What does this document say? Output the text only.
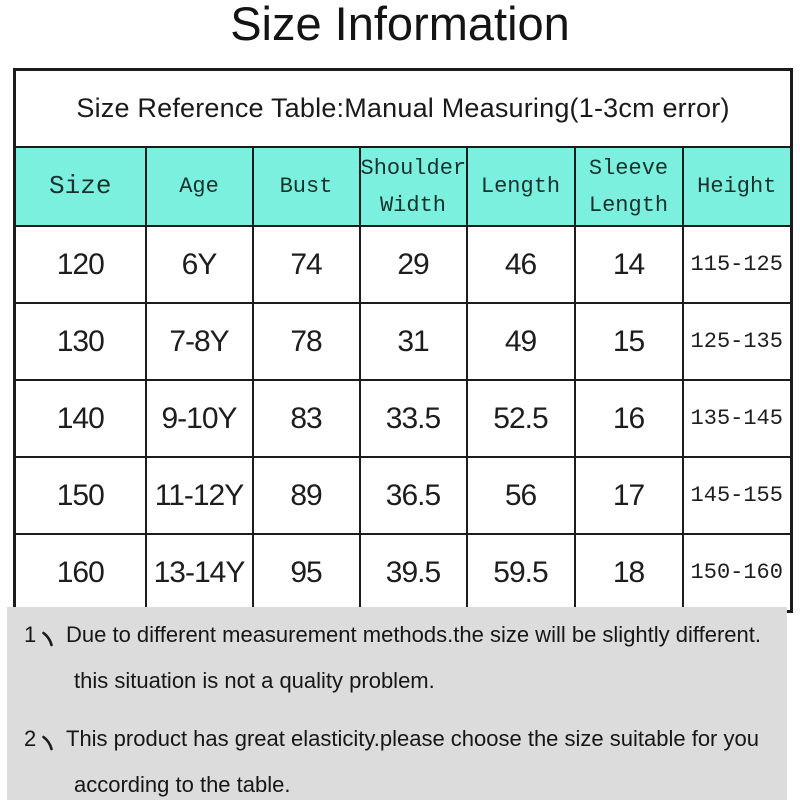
Size Information
Size Reference Table:Manual Measuring(1-3cm error)						
Size	Age	Bust	Shoulder Width	Length	Sleeve Length	Height
120	6Y	74	29	46	14	115-125
130	7-8Y	78	31	49	15	125-135
140	9-10Y	83	33.5	52.5	16	135-145
150	11-12Y	89	36.5	56	17	145-155
160	13-14Y	95	39.5	59.5	18	150-160
1 Due to different measurement methods.the size will be slightly different.
this situation is not a quality problem.
2 This product has great elasticity.please choose the size suitable for you
according to the table.
